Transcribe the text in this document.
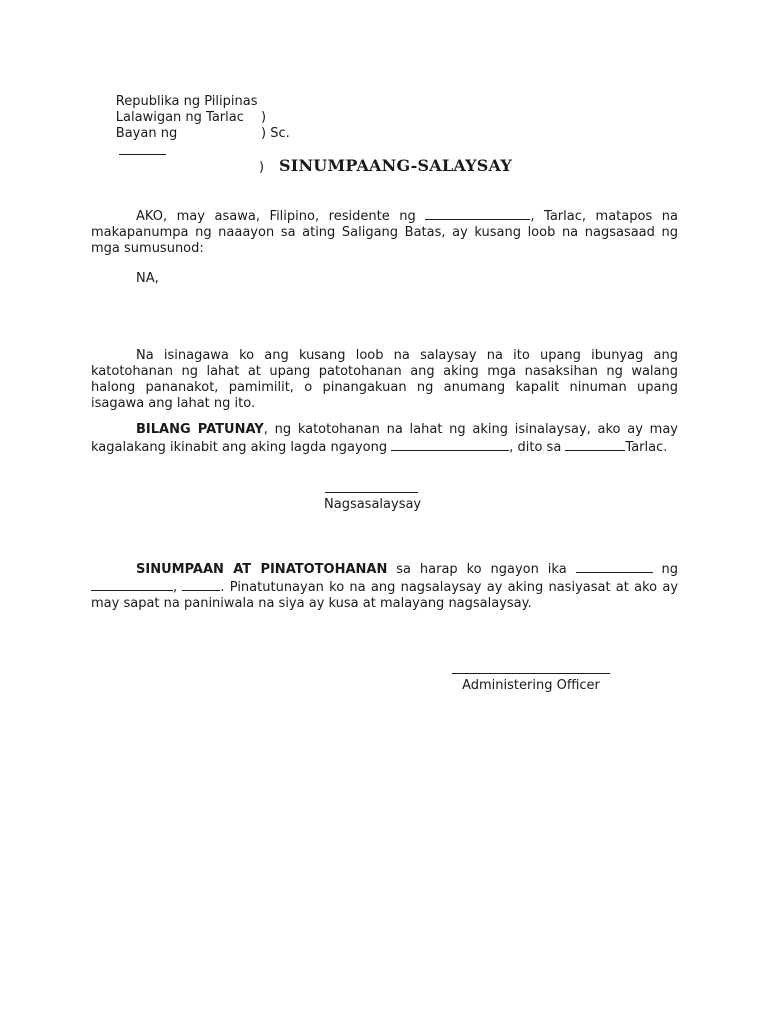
Republika ng Pilipinas

)

Lalawigan ng Tarlac

) Sc.

Bayan ng

)

SINUMPAANG-SALAYSAY
AKO, may asawa, Filipino, residente ng	, Tarlac, matapos na makapanumpa ng naaayon sa ating Saligang Batas, ay kusang loob na nagsasaad ng mga sumusunod:
NA,
Na isinagawa ko ang kusang loob na salaysay na ito upang ibunyag ang katotohanan ng lahat at upang patotohanan ang aking mga nasaksihan ng walang halong pananakot, pamimilit, o pinangakuan ng anumang kapalit ninuman upang isagawa ang lahat ng ito.
BILANG PATUNAY, ng katotohanan na lahat ng aking isinalaysay, ako ay may kagalakang ikinabit ang aking lagda ngayong	, dito sa	Tarlac.
Nagsasalaysay
SINUMPAAN AT PINATOTOHANAN sa harap ko ngayon ika	ng ,	. Pinatutunayan ko na ang nagsalaysay ay aking nasiyasat at ako ay may sapat na paniniwala na siya ay kusa at malayang nagsalaysay.
Administering Officer
